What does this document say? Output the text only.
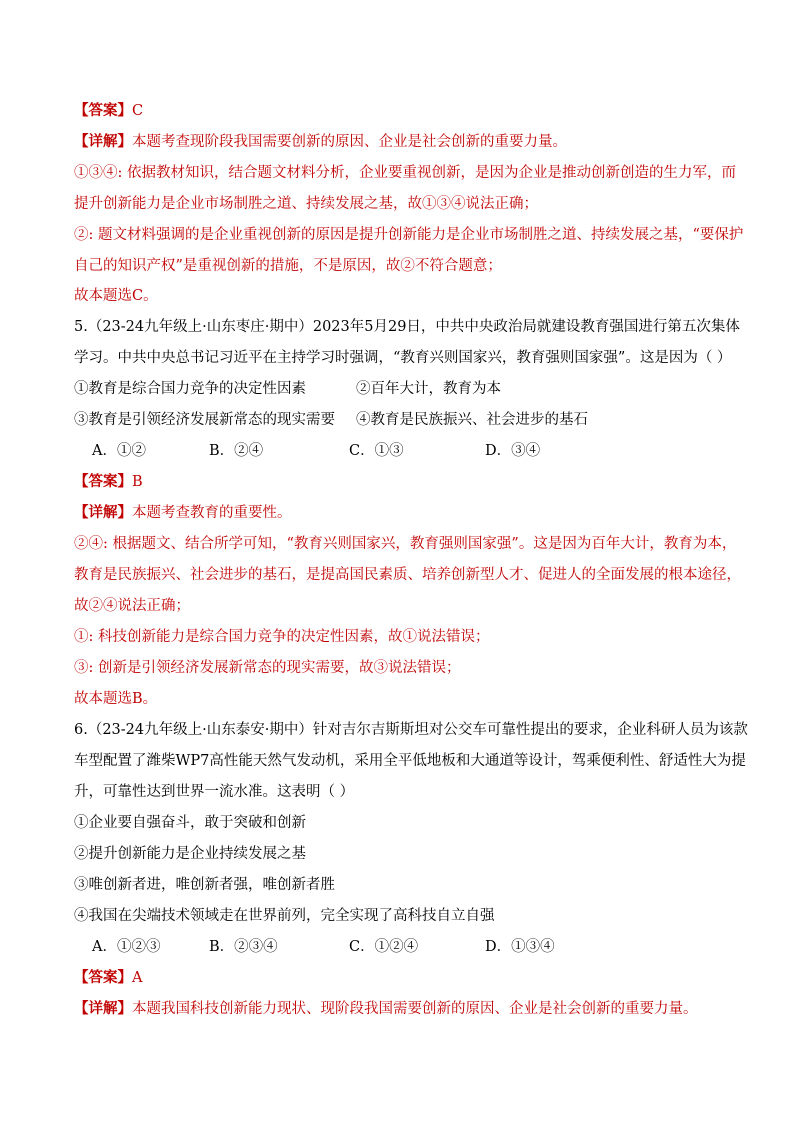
【答案】C
【详解】本题考查现阶段我国需要创新的原因、企业是社会创新的重要力量。
①③④: 依据教材知识，结合题文材料分析，企业要重视创新，是因为企业是推动创新创造的生力军，而
提升创新能力是企业市场制胜之道、持续发展之基，故①③④说法正确；
②: 题文材料强调的是企业重视创新的原因是提升创新能力是企业市场制胜之道、持续发展之基，“要保护
自己的知识产权”是重视创新的措施，不是原因，故②不符合题意；
故本题选C。
5.（23-24九年级上·山东枣庄·期中）2023年5月29日，中共中央政治局就建设教育强国进行第五次集体
学习。中共中央总书记习近平在主持学习时强调，“教育兴则国家兴，教育强则国家强”。这是因为（ ）
①教育是综合国力竞争的决定性因素	②百年大计，教育为本
③教育是引领经济发展新常态的现实需要 ④教育是民族振兴、社会进步的基石
A．①②	B．②④	C．①③	D．③④
【答案】B
【详解】本题考查教育的重要性。
②④: 根据题文、结合所学可知，“教育兴则国家兴，教育强则国家强”。这是因为百年大计，教育为本，
教育是民族振兴、社会进步的基石，是提高国民素质、培养创新型人才、促进人的全面发展的根本途径，
故②④说法正确；
①: 科技创新能力是综合国力竞争的决定性因素，故①说法错误；
③: 创新是引领经济发展新常态的现实需要，故③说法错误；
故本题选B。
6.（23-24九年级上·山东泰安·期中）针对吉尔吉斯斯坦对公交车可靠性提出的要求，企业科研人员为该款
车型配置了潍柴WP7高性能天然气发动机，采用全平低地板和大通道等设计，驾乘便利性、舒适性大为提
升，可靠性达到世界一流水准。这表明（ ）
①企业要自强奋斗，敢于突破和创新
②提升创新能力是企业持续发展之基
③唯创新者进，唯创新者强，唯创新者胜
④我国在尖端技术领域走在世界前列，完全实现了高科技自立自强
A．①②③	B．②③④	C．①②④	D．①③④
【答案】A
【详解】本题我国科技创新能力现状、现阶段我国需要创新的原因、企业是社会创新的重要力量。
